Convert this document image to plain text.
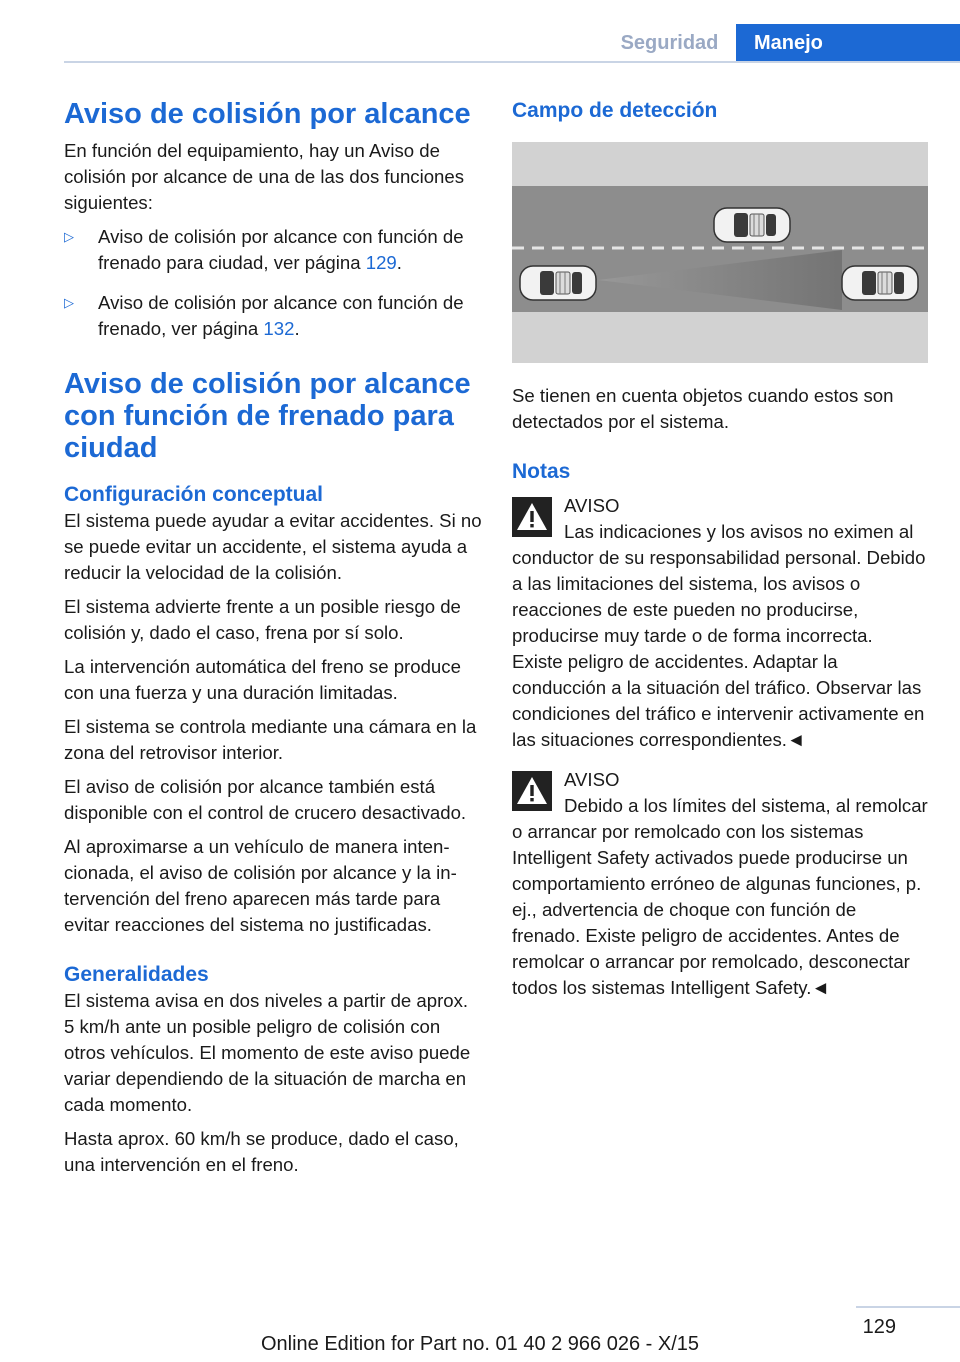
Seguridad	Manejo
Aviso de colisión por alcance

En función del equipamiento, hay un Aviso de colisión por alcance de una de las dos funciones siguientes:

▷ Aviso de colisión por alcance con función de frenado para ciudad, ver página 129.
▷ Aviso de colisión por alcance con función de frenado, ver página 132.
Aviso de colisión por alcance con función de frenado para ciudad
Configuración conceptual

El sistema puede ayudar a evitar accidentes. Si no se puede evitar un accidente, el sistema ayuda a reducir la velocidad de la colisión.

El sistema advierte frente a un posible riesgo de colisión y, dado el caso, frena por sí solo.

La intervención automática del freno se produce con una fuerza y una duración limitadas.

El sistema se controla mediante una cámara en la zona del retrovisor interior.

El aviso de colisión por alcance también está disponible con el control de crucero desactivado.

Al aproximarse a un vehículo de manera intencionada, el aviso de colisión por alcance y la intervención del freno aparecen más tarde para evitar reacciones del sistema no justificadas.

Generalidades

El sistema avisa en dos niveles a partir de aprox. 5 km/h ante un posible peligro de colisión con otros vehículos. El momento de este aviso puede variar dependiendo de la situación de marcha en cada momento.

Hasta aprox. 60 km/h se produce, dado el caso, una intervención en el freno.

Campo de detección

Se tienen en cuenta objetos cuando estos son detectados por el sistema.

Notas

AVISO

Las indicaciones y los avisos no eximen al conductor de su responsabilidad personal. Debido a las limitaciones del sistema, los avisos o reacciones de este pueden no producirse, producirse muy tarde o de forma incorrecta. Existe peligro de accidentes. Adaptar la conducción a la situación del tráfico. Observar las condiciones del tráfico e intervenir activamente en las situaciones correspondientes.◄

AVISO

Debido a los límites del sistema, al remolcar o arrancar por remolcado con los sistemas Intelligent Safety activados puede producirse un comportamiento erróneo de algunas funciones, p. ej., advertencia de choque con función de frenado. Existe peligro de accidentes. Antes de remolcar o arrancar por remolcado, desconectar todos los sistemas Intelligent Safety.◄

129
Online Edition for Part no. 01 40 2 966 026 - X/15
